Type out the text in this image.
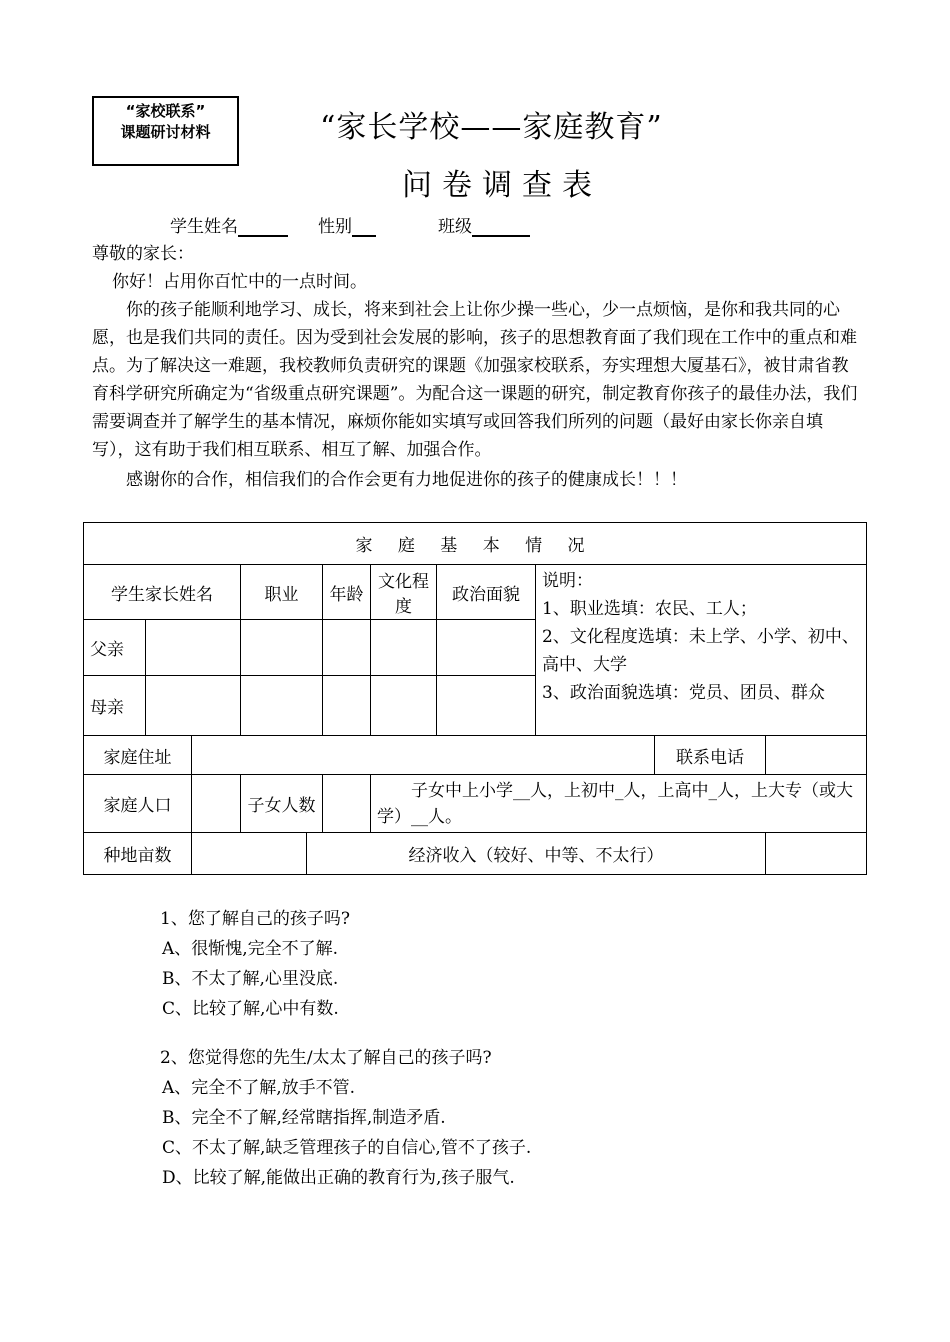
“家校联系”
课题研讨材料	“家长学校——家庭教育”
问卷调查表
学生姓名	性别	班级
尊敬的家长：
你好！占用你百忙中的一点时间。
你的孩子能顺利地学习、成长，将来到社会上让你少操一些心，少一点烦恼，是你和我共同的心愿，也是我们共同的责任。因为受到社会发展的影响，孩子的思想教育面了我们现在工作中的重点和难点。为了解决这一难题，我校教师负责研究的课题《加强家校联系，夯实理想大厦基石》，被甘肃省教育科学研究所确定为“省级重点研究课题”。为配合这一课题的研究，制定教育你孩子的最佳办法，我们需要调查并了解学生的基本情况，麻烦你能如实填写或回答我们所列的问题（最好由家长你亲自填写），这有助于我们相互联系、相互了解、加强合作。
感谢你的合作，相信我们的合作会更有力地促进你的孩子的健康成长！！！
家 庭 基 本 情 况										
学生家长姓名			职业		年龄	文化程度	政治面貌	说明：
1、职业选填：农民、工人；
2、文化程度选填：未上学、小学、初中、高中、大学
3、政治面貌选填：党员、团员、群众		

父亲										
母亲										
家庭住址									联系电话	
家庭人口			子女人数			子女中上小学__人，上初中_人，上高中_人，上大专（或大学）__人。				
种地亩数				经济收入（较好、中等、不太行）						
1、您了解自己的孩子吗?
A、很惭愧,完全不了解.
B、不太了解,心里没底.
C、比较了解,心中有数.
2、您觉得您的先生/太太了解自己的孩子吗?
A、完全不了解,放手不管.
B、完全不了解,经常瞎指挥,制造矛盾.
C、不太了解,缺乏管理孩子的自信心,管不了孩子.
D、比较了解,能做出正确的教育行为,孩子服气.
